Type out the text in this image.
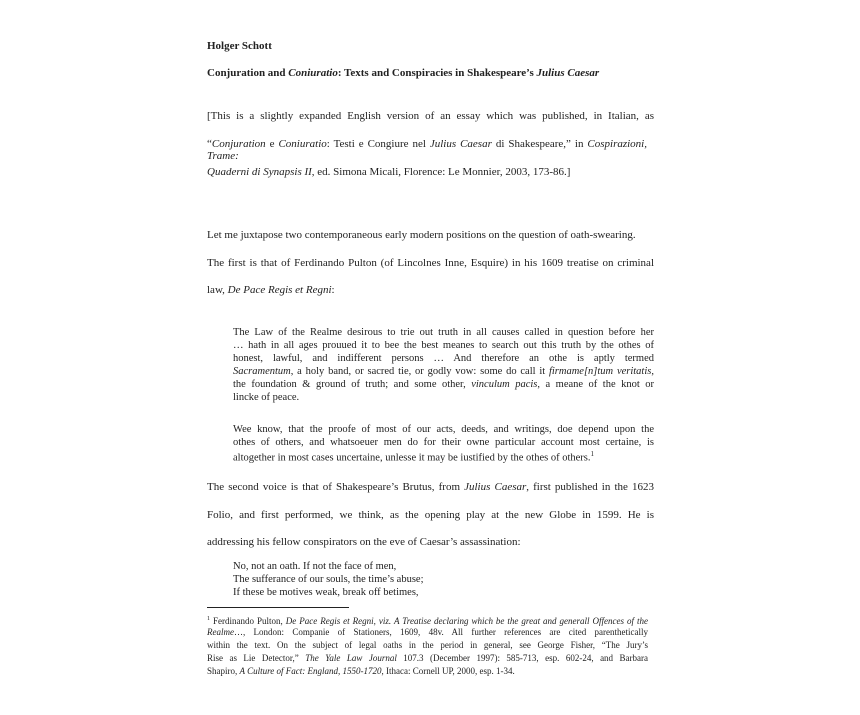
Holger Schott
Conjuration and Coniuratio: Texts and Conspiracies in Shakespeare’s Julius Caesar
[This is a slightly expanded English version of an essay which was published, in Italian, as
“Conjuration e Coniuratio: Testi e Congiure nel Julius Caesar di Shakespeare,” in Cospirazioni, Trame:
Quaderni di Synapsis II, ed. Simona Micali, Florence: Le Monnier, 2003, 173-86.]
Let me juxtapose two contemporaneous early modern positions on the question of oath-swearing.
The first is that of Ferdinando Pulton (of Lincolnes Inne, Esquire) in his 1609 treatise on criminal
law, De Pace Regis et Regni:
The Law of the Realme desirous to trie out truth in all causes called in question before her
… hath in all ages prouued it to bee the best meanes to search out this truth by the othes of
honest, lawful, and indifferent persons … And therefore an othe is aptly termed
Sacramentum, a holy band, or sacred tie, or godly vow: some do call it firmame[n]tum veritatis,
the foundation & ground of truth; and some other, vinculum pacis, a meane of the knot or
lincke of peace.
Wee know, that the proofe of most of our acts, deeds, and writings, doe depend upon the
othes of others, and whatsoeuer men do for their owne particular account most certaine, is
altogether in most cases uncertaine, unlesse it may be iustified by the othes of others.$^1$
The second voice is that of Shakespeare’s Brutus, from Julius Caesar, first published in the 1623
Folio, and first performed, we think, as the opening play at the new Globe in 1599. He is
addressing his fellow conspirators on the eve of Caesar’s assassination:
No, not an oath. If not the face of men,
The sufferance of our souls, the time’s abuse;
If these be motives weak, break off betimes,
$^1$ Ferdinando Pulton, De Pace Regis et Regni, viz. A Treatise declaring which be the great and generall Offences of the
Realme…, London: Companie of Stationers, 1609, 48v. All further references are cited parenthetically
within the text. On the subject of legal oaths in the period in general, see George Fisher, “The Jury’s
Rise as Lie Detector,” The Yale Law Journal 107.3 (December 1997): 585-713, esp. 602-24, and Barbara
Shapiro, A Culture of Fact: England, 1550-1720, Ithaca: Cornell UP, 2000, esp. 1-34.
